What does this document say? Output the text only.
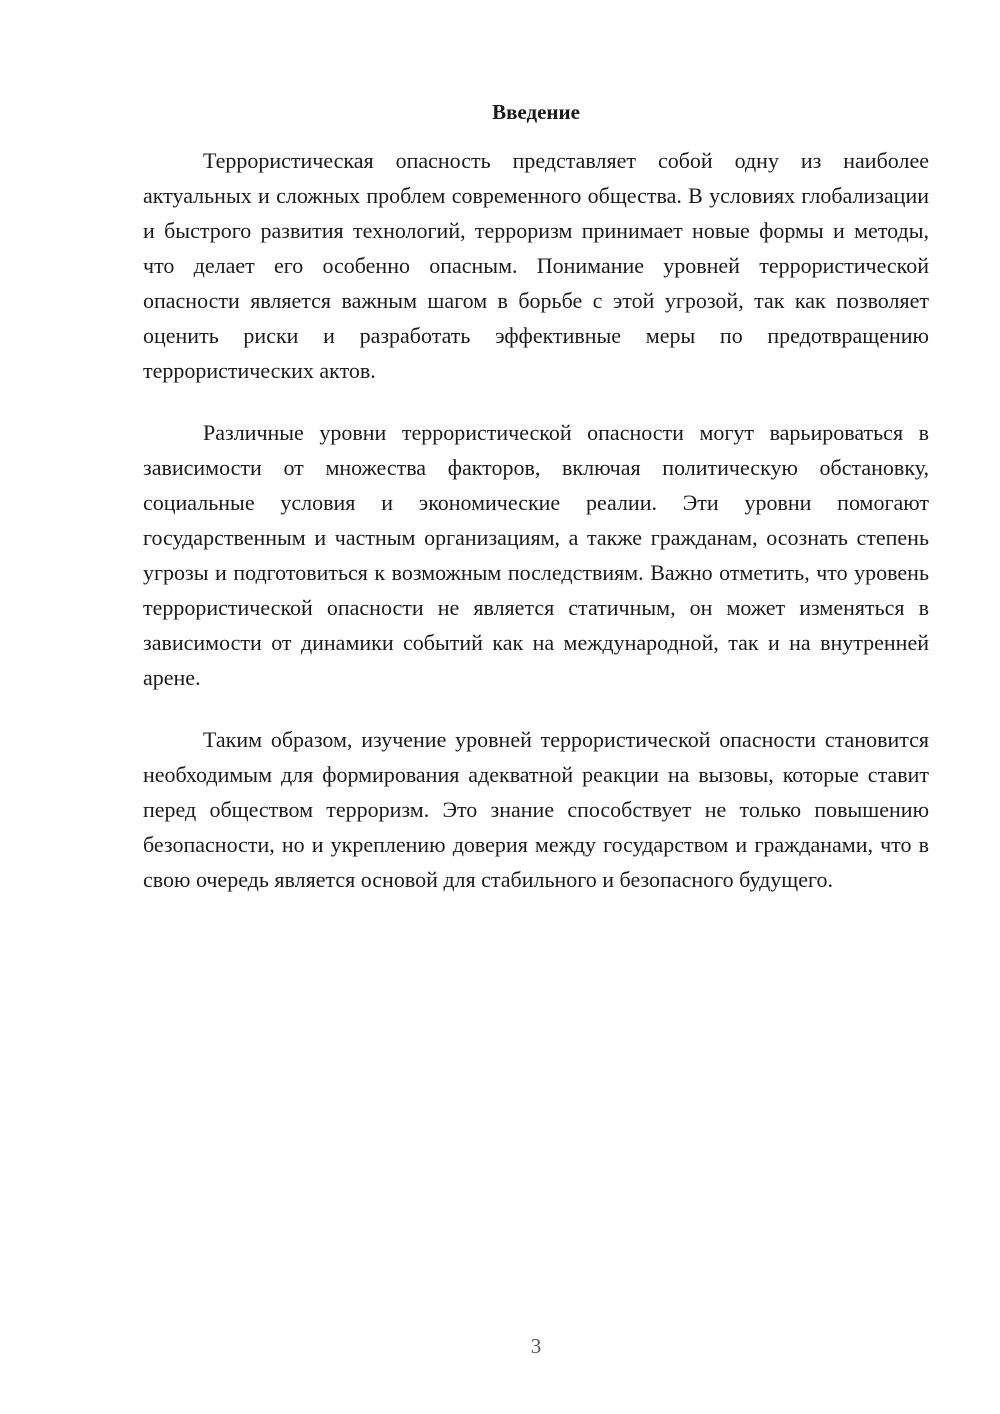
Введение

Террористическая опасность представляет собой одну из наиболее актуальных и сложных проблем современного общества. В условиях глобализации и быстрого развития технологий, терроризм принимает новые формы и методы, что делает его особенно опасным. Понимание уровней террористической опасности является важным шагом в борьбе с этой угрозой, так как позволяет оценить риски и разработать эффективные меры по предотвращению террористических актов.

Различные уровни террористической опасности могут варьироваться в зависимости от множества факторов, включая политическую обстановку, социальные условия и экономические реалии. Эти уровни помогают государственным и частным организациям, а также гражданам, осознать степень угрозы и подготовиться к возможным последствиям. Важно отметить, что уровень террористической опасности не является статичным, он может изменяться в зависимости от динамики событий как на международной, так и на внутренней арене.

Таким образом, изучение уровней террористической опасности становится необходимым для формирования адекватной реакции на вызовы, которые ставит перед обществом терроризм. Это знание способствует не только повышению безопасности, но и укреплению доверия между государством и гражданами, что в свою очередь является основой для стабильного и безопасного будущего.

3
